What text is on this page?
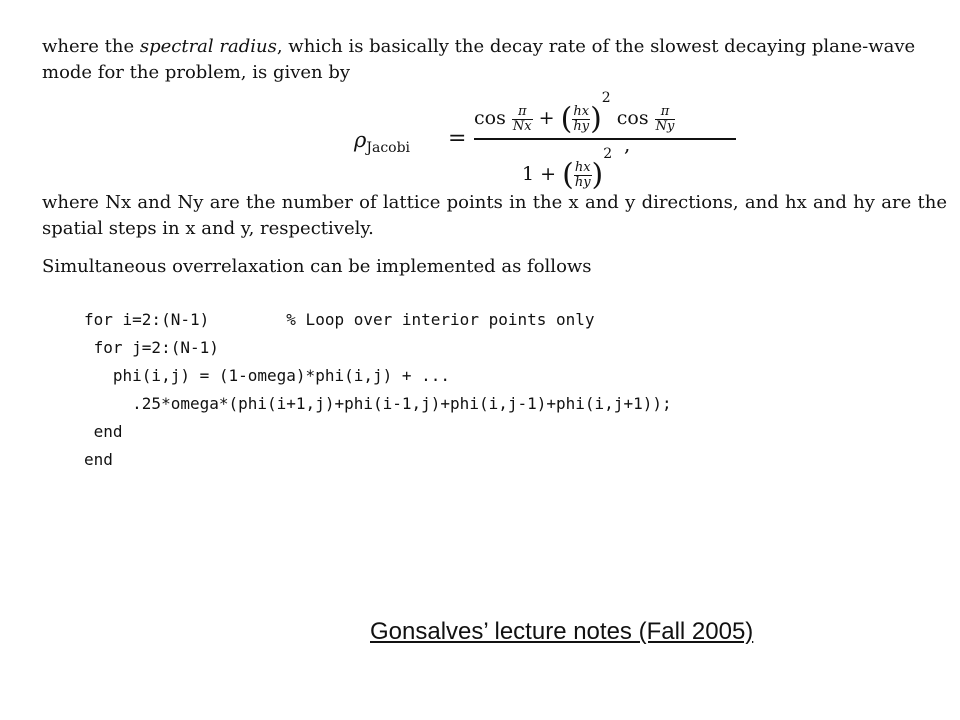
where the spectral radius, which is basically the decay rate of the slowest decaying plane-wave mode for the problem, is given by

$\rho_{Jacobi}$ =
$\cos \frac{\pi}{Nx}$ + ( $\frac{hx}{hy} )^2$ $\cos \frac{\pi}{Ny}$
1 + ( $\frac{hx}{hy} )^2$ ,

where Nx and Ny are the number of lattice points in the x and y directions, and hx and hy are the spatial steps in x and y, respectively.

Simultaneous overrelaxation can be implemented as follows

for i=2:(N-1)        % Loop over interior points only
for j=2:(N-1)
phi(i,j) = (1-omega)*phi(i,j) + ...
.25*omega*(phi(i+1,j)+phi(i-1,j)+phi(i,j-1)+phi(i,j+1));
end
end
Gonsalves’ lecture notes (Fall 2005)
